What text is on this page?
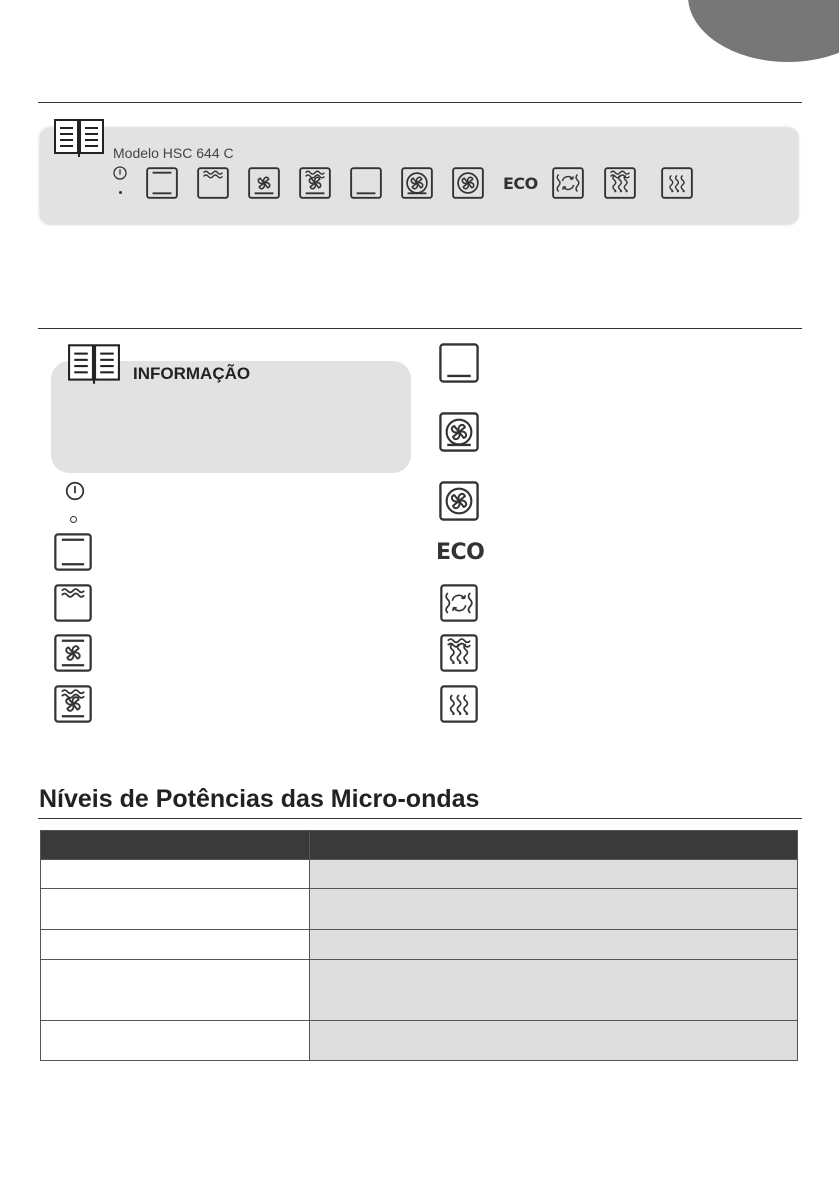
Modelo HSC 644 C
ECO
INFORMAÇÃO
ECO
Níveis de Potências das Micro-ondas
